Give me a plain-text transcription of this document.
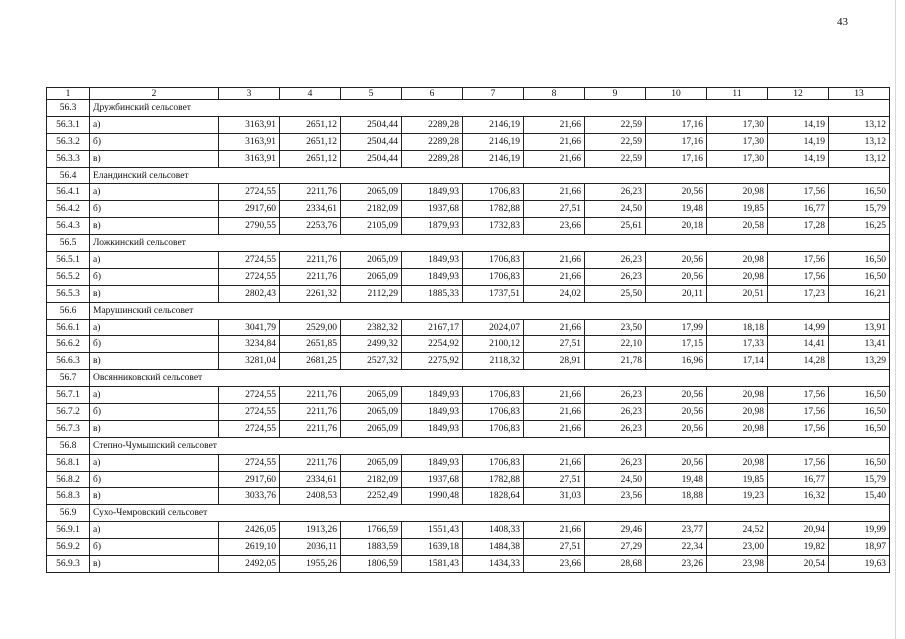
43
1	2	3	4	5	6	7	8	9	10	11	12	13
56.3	Дружбинский сельсовет											
56.3.1	а)	3163,91	2651,12	2504,44	2289,28	2146,19	21,66	22,59	17,16	17,30	14,19	13,12
56.3.2	б)	3163,91	2651,12	2504,44	2289,28	2146,19	21,66	22,59	17,16	17,30	14,19	13,12
56.3.3	в)	3163,91	2651,12	2504,44	2289,28	2146,19	21,66	22,59	17,16	17,30	14,19	13,12
56.4	Еландинский сельсовет											
56.4.1	а)	2724,55	2211,76	2065,09	1849,93	1706,83	21,66	26,23	20,56	20,98	17,56	16,50
56.4.2	б)	2917,60	2334,61	2182,09	1937,68	1782,88	27,51	24,50	19,48	19,85	16,77	15,79
56.4.3	в)	2790,55	2253,76	2105,09	1879,93	1732,83	23,66	25,61	20,18	20,58	17,28	16,25
56.5	Ложкинский сельсовет											
56.5.1	а)	2724,55	2211,76	2065,09	1849,93	1706,83	21,66	26,23	20,56	20,98	17,56	16,50
56.5.2	б)	2724,55	2211,76	2065,09	1849,93	1706,83	21,66	26,23	20,56	20,98	17,56	16,50
56.5.3	в)	2802,43	2261,32	2112,29	1885,33	1737,51	24,02	25,50	20,11	20,51	17,23	16,21
56.6	Марушинский сельсовет											
56.6.1	а)	3041,79	2529,00	2382,32	2167,17	2024,07	21,66	23,50	17,99	18,18	14,99	13,91
56.6.2	б)	3234,84	2651,85	2499,32	2254,92	2100,12	27,51	22,10	17,15	17,33	14,41	13,41
56.6.3	в)	3281,04	2681,25	2527,32	2275,92	2118,32	28,91	21,78	16,96	17,14	14,28	13,29
56.7	Овсянниковский сельсовет											
56.7.1	а)	2724,55	2211,76	2065,09	1849,93	1706,83	21,66	26,23	20,56	20,98	17,56	16,50
56.7.2	б)	2724,55	2211,76	2065,09	1849,93	1706,83	21,66	26,23	20,56	20,98	17,56	16,50
56.7.3	в)	2724,55	2211,76	2065,09	1849,93	1706,83	21,66	26,23	20,56	20,98	17,56	16,50
56.8	Степно-Чумышский сельсовет											
56.8.1	а)	2724,55	2211,76	2065,09	1849,93	1706,83	21,66	26,23	20,56	20,98	17,56	16,50
56.8.2	б)	2917,60	2334,61	2182,09	1937,68	1782,88	27,51	24,50	19,48	19,85	16,77	15,79
56.8.3	в)	3033,76	2408,53	2252,49	1990,48	1828,64	31,03	23,56	18,88	19,23	16,32	15,40
56.9	Сухо-Чемровский сельсовет											
56.9.1	а)	2426,05	1913,26	1766,59	1551,43	1408,33	21,66	29,46	23,77	24,52	20,94	19,99
56.9.2	б)	2619,10	2036,11	1883,59	1639,18	1484,38	27,51	27,29	22,34	23,00	19,82	18,97
56.9.3	в)	2492,05	1955,26	1806,59	1581,43	1434,33	23,66	28,68	23,26	23,98	20,54	19,63
